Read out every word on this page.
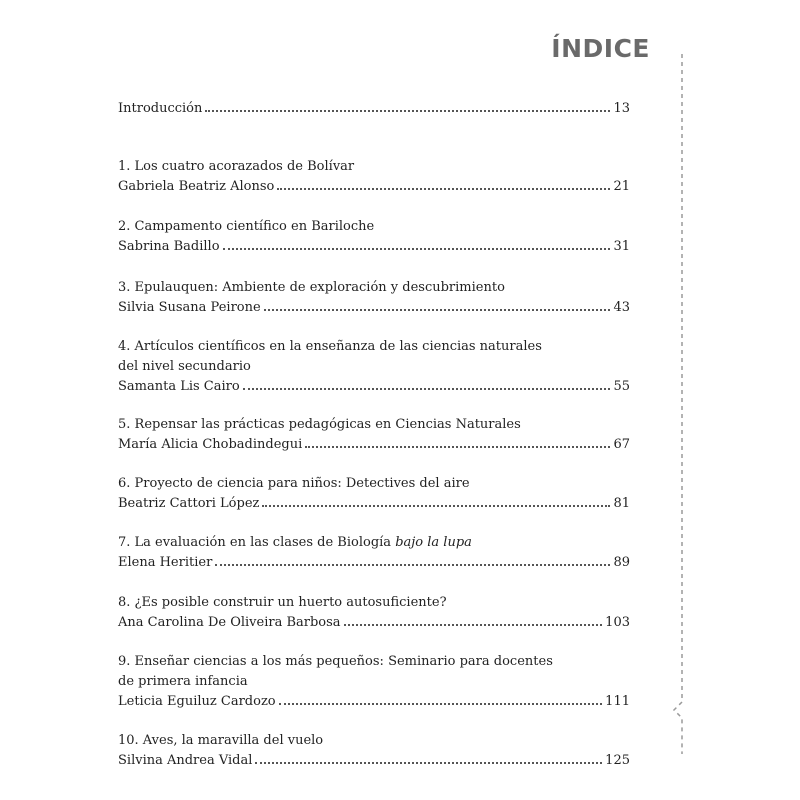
ÍNDICE
Introducción	13
1. Los cuatro acorazados de Bolívar
Gabriela Beatriz Alonso	21
2. Campamento científico en Bariloche
Sabrina Badillo	31
3. Epulauquen: Ambiente de exploración y descubrimiento
Silvia Susana Peirone	43
4. Artículos científicos en la enseñanza de las ciencias naturales
del nivel secundario
Samanta Lis Cairo	55
5. Repensar las prácticas pedagógicas en Ciencias Naturales
María Alicia Chobadindegui	67
6. Proyecto de ciencia para niños: Detectives del aire
Beatriz Cattori López	81
7. La evaluación en las clases de Biología bajo la lupa
Elena Heritier	89
8. ¿Es posible construir un huerto autosuficiente?
Ana Carolina De Oliveira Barbosa	103
9. Enseñar ciencias a los más pequeños: Seminario para docentes
de primera infancia
Leticia Eguiluz Cardozo	111
10. Aves, la maravilla del vuelo
Silvina Andrea Vidal	125
